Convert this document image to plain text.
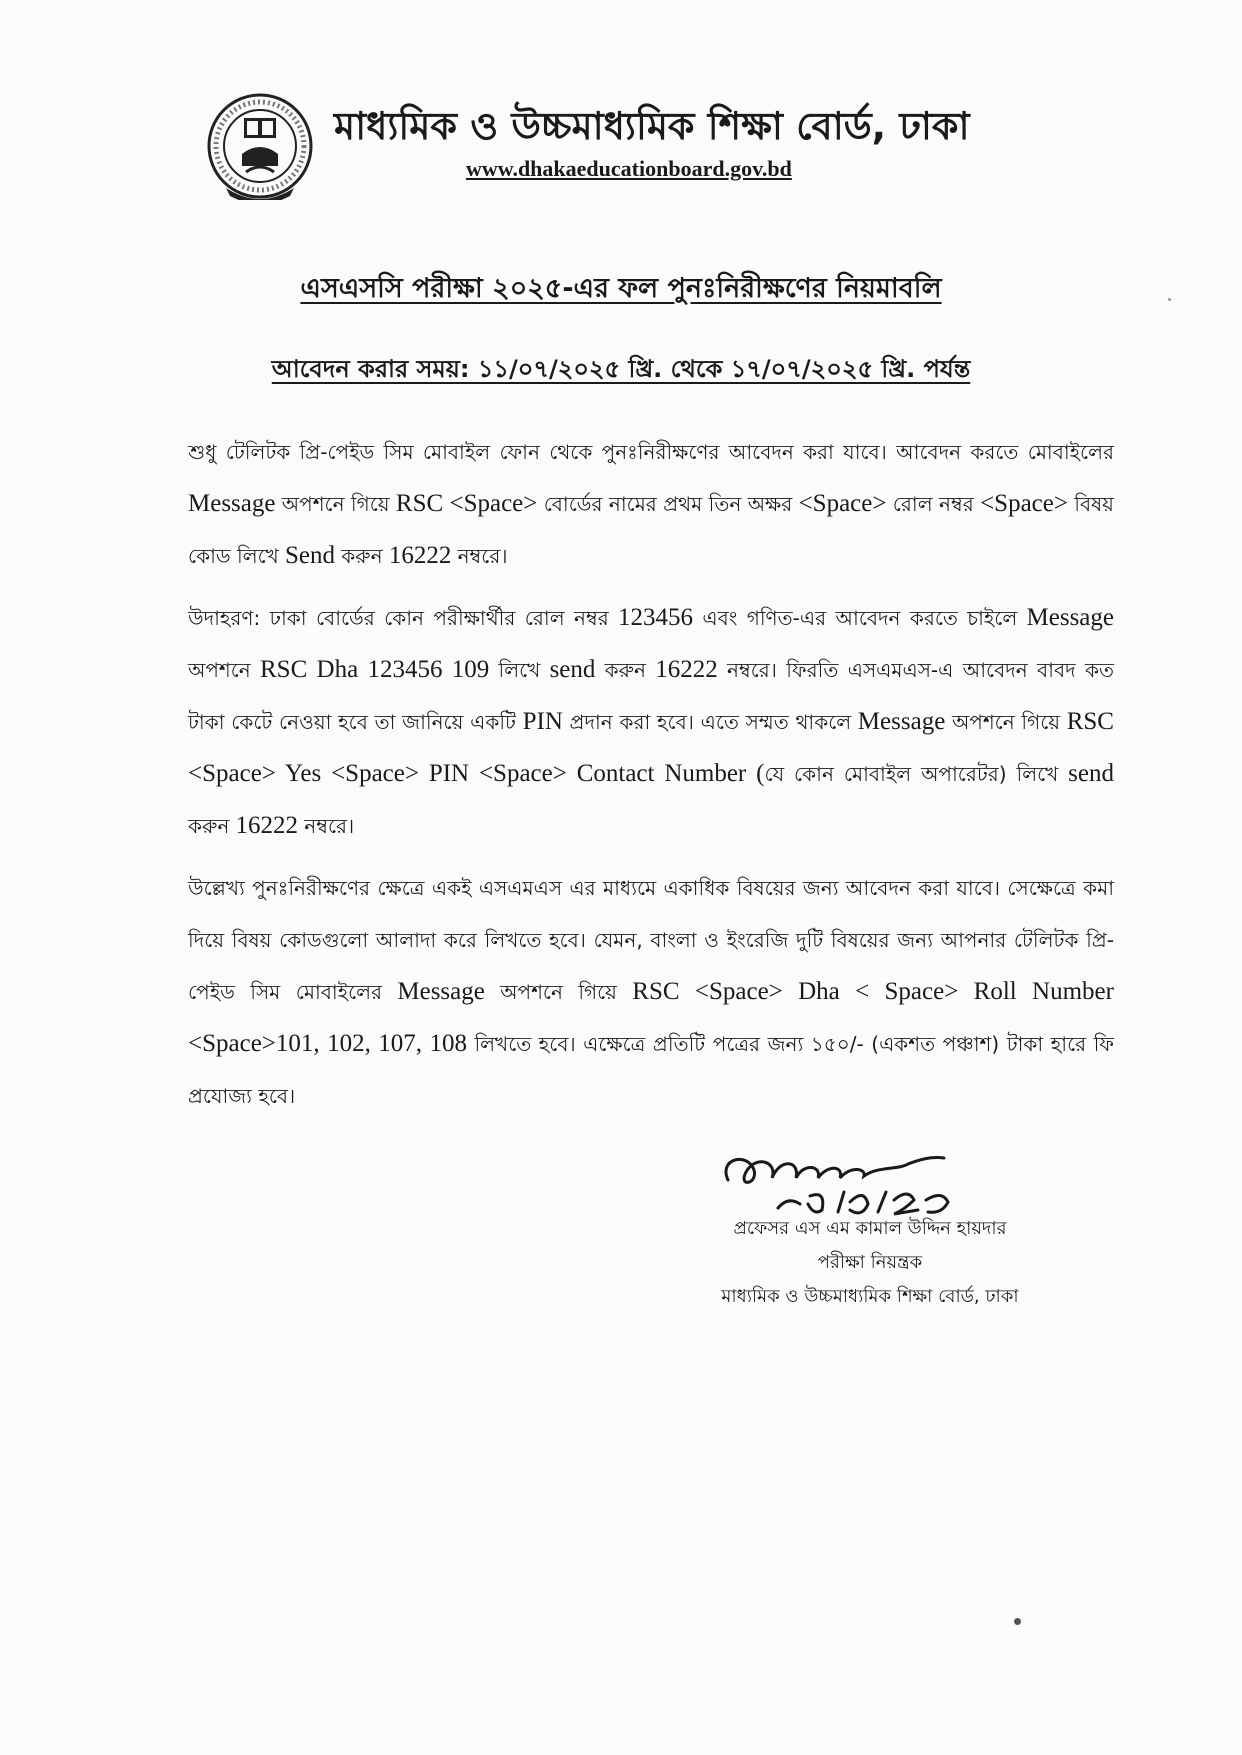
মাধ্যমিক ও উচ্চমাধ্যমিক শিক্ষা বোর্ড, ঢাকা
www.dhakaeducationboard.gov.bd
এসএসসি পরীক্ষা ২০২৫-এর ফল পুনঃনিরীক্ষণের নিয়মাবলি
আবেদন করার সময়: ১১/০৭/২০২৫ খ্রি. থেকে ১৭/০৭/২০২৫ খ্রি. পর্যন্ত

শুধু টেলিটক প্রি-পেইড সিম মোবাইল ফোন থেকে পুনঃনিরীক্ষণের আবেদন করা যাবে। আবেদন করতে মোবাইলের Message অপশনে গিয়ে RSC <Space> বোর্ডের নামের প্রথম তিন অক্ষর <Space> রোল নম্বর <Space> বিষয় কোড লিখে Send করুন 16222 নম্বরে।

উদাহরণ: ঢাকা বোর্ডের কোন পরীক্ষার্থীর রোল নম্বর 123456 এবং গণিত-এর আবেদন করতে চাইলে Message অপশনে RSC Dha 123456 109 লিখে send করুন 16222 নম্বরে। ফিরতি এসএমএস-এ আবেদন বাবদ কত টাকা কেটে নেওয়া হবে তা জানিয়ে একটি PIN প্রদান করা হবে। এতে সম্মত থাকলে Message অপশনে গিয়ে RSC <Space> Yes <Space> PIN <Space> Contact Number (যে কোন মোবাইল অপারেটর) লিখে send করুন 16222 নম্বরে।

উল্লেখ্য পুনঃনিরীক্ষণের ক্ষেত্রে একই এসএমএস এর মাধ্যমে একাধিক বিষয়ের জন্য আবেদন করা যাবে। সেক্ষেত্রে কমা দিয়ে বিষয় কোডগুলো আলাদা করে লিখতে হবে। যেমন, বাংলা ও ইংরেজি দুটি বিষয়ের জন্য আপনার টেলিটক প্রি-পেইড সিম মোবাইলের Message অপশনে গিয়ে RSC <Space> Dha < Space> Roll Number <Space>101, 102, 107, 108 লিখতে হবে। এক্ষেত্রে প্রতিটি পত্রের জন্য ১৫০/- (একশত পঞ্চাশ) টাকা হারে ফি প্রযোজ্য হবে।

প্রফেসর এস এম কামাল উদ্দিন হায়দার
পরীক্ষা নিয়ন্ত্রক
মাধ্যমিক ও উচ্চমাধ্যমিক শিক্ষা বোর্ড, ঢাকা
